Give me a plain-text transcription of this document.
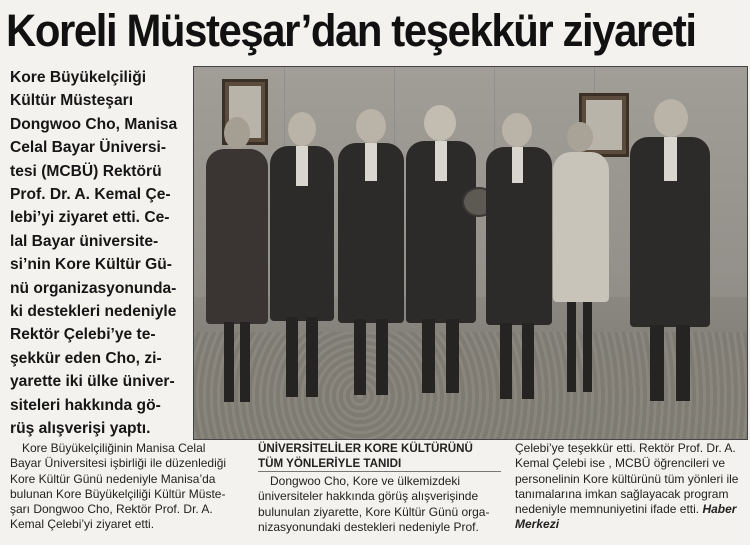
Koreli Müsteşar’dan teşekkür ziyareti
Kore Büyükelçiliği
Kültür Müsteşarı
Dongwoo Cho, Manisa
Celal Bayar Üniversi-
tesi (MCBÜ) Rektörü
Prof. Dr. A. Kemal Çe-
lebi’yi ziyaret etti. Ce-
lal Bayar üniversite-
si’nin Kore Kültür Gü-
nü organizasyonunda-
ki destekleri nedeniyle
Rektör Çelebi’ye te-
şekkür eden Cho, zi-
yarette iki ülke üniver-
siteleri hakkında gö-
rüş alışverişi yaptı.
Kore Büyükelçiliğinin Manisa Celal
Bayar Üniversitesi işbirliği ile düzenlediği
Kore Kültür Günü nedeniyle Manisa’da
bulunan Kore Büyükelçiliği Kültür Müste-
şarı Dongwoo Cho, Rektör Prof. Dr. A.
Kemal Çelebi’yi ziyaret etti.
ÜNİVERSİTELİLER KORE KÜLTÜRÜNÜ
TÜM YÖNLERİYLE TANIDI
Dongwoo Cho, Kore ve ülkemizdeki
üniversiteler hakkında görüş alışverişinde
bulunulan ziyarette, Kore Kültür Günü orga-
nizasyonundaki destekleri nedeniyle Prof.
Çelebi’ye teşekkür etti. Rektör Prof. Dr. A.
Kemal Çelebi ise , MCBÜ öğrencileri ve
personelinin Kore kültürünü tüm yönleri ile
tanımalarına imkan sağlayacak program
nedeniyle memnuniyetini ifade etti. Haber
Merkezi
